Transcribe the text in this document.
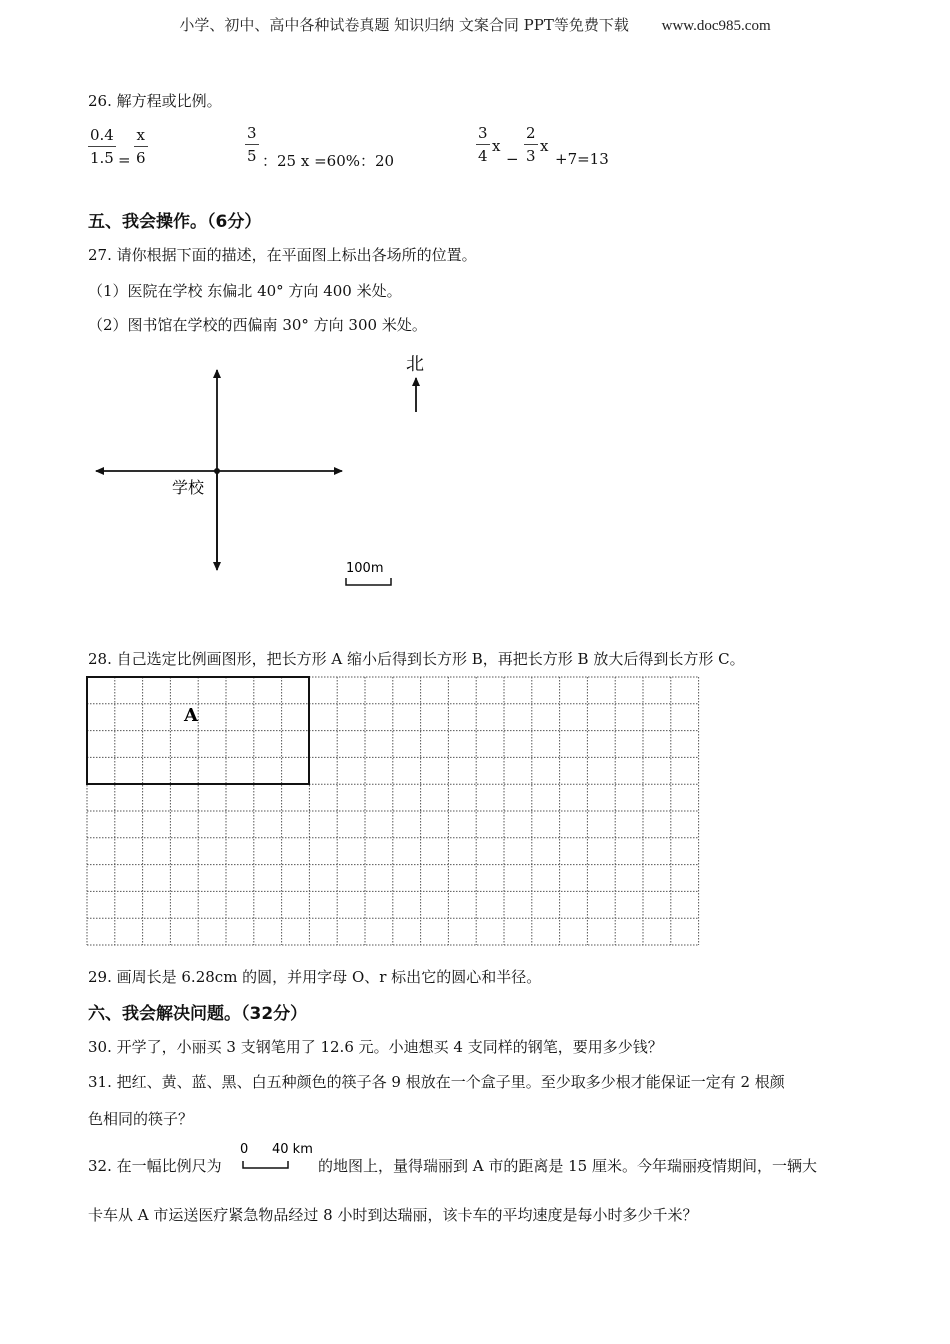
小学、初中、高中各种试卷真题 知识归纳 文案合同 PPT等免费下载 www.doc985.com
26. 解方程或比例。
0.4
1.5 =
x
6
3
5 ：25 x =60%：20
3
4
x
−
2
3
x
+7=13
五、我会操作。（6分）
27. 请你根据下面的描述，在平面图上标出各场所的位置。
（1）医院在学校 东偏北 40° 方向 400 米处。
（2）图书馆在学校的西偏南 30° 方向 300 米处。
学校
北
100m
28. 自己选定比例画图形，把长方形 A 缩小后得到长方形 B，再把长方形 B 放大后得到长方形 C。
A
29. 画周长是 6.28cm 的圆，并用字母 O、r 标出它的圆心和半径。
六、我会解决问题。（32分）
30. 开学了，小丽买 3 支钢笔用了 12.6 元。小迪想买 4 支同样的钢笔，要用多少钱？
31. 把红、黄、蓝、黑、白五种颜色的筷子各 9 根放在一个盒子里。至少取多少根才能保证一定有 2 根颜
色相同的筷子？
32. 在一幅比例尺为
0 40 km
的地图上，量得瑞丽到 A 市的距离是 15 厘米。今年瑞丽疫情期间，一辆大
卡车从 A 市运送医疗紧急物品经过 8 小时到达瑞丽，该卡车的平均速度是每小时多少千米？
